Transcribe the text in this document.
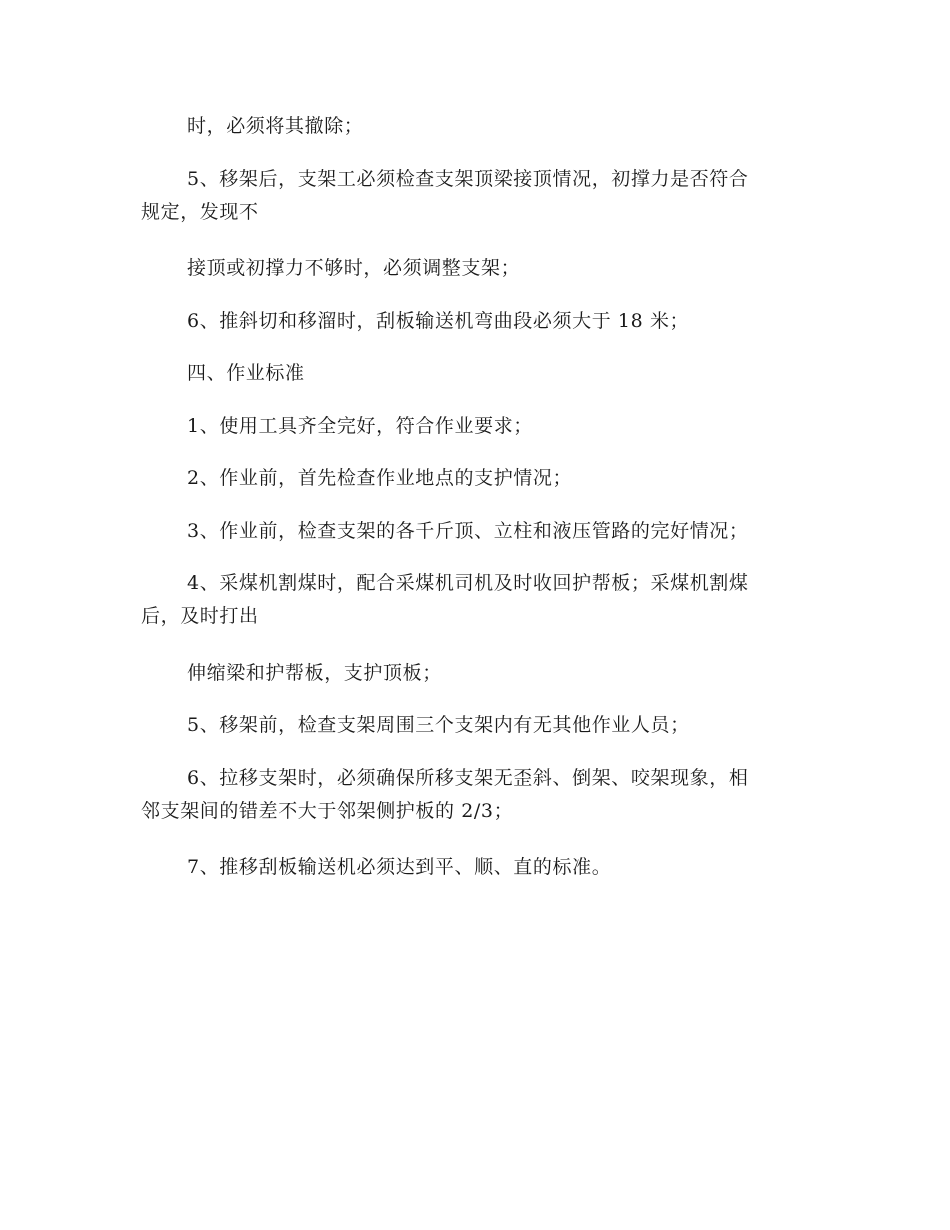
时，必须将其撤除；
5、移架后，支架工必须检查支架顶梁接顶情况，初撑力是否符合
规定，发现不
接顶或初撑力不够时，必须调整支架；
6、推斜切和移溜时，刮板输送机弯曲段必须大于 18 米；
四、作业标准
1、使用工具齐全完好，符合作业要求；
2、作业前，首先检查作业地点的支护情况；
3、作业前，检查支架的各千斤顶、立柱和液压管路的完好情况；
4、采煤机割煤时，配合采煤机司机及时收回护帮板；采煤机割煤
后，及时打出
伸缩梁和护帮板，支护顶板；
5、移架前，检查支架周围三个支架内有无其他作业人员；
6、拉移支架时，必须确保所移支架无歪斜、倒架、咬架现象，相
邻支架间的错差不大于邻架侧护板的 2/3；
7、推移刮板输送机必须达到平、顺、直的标准。
